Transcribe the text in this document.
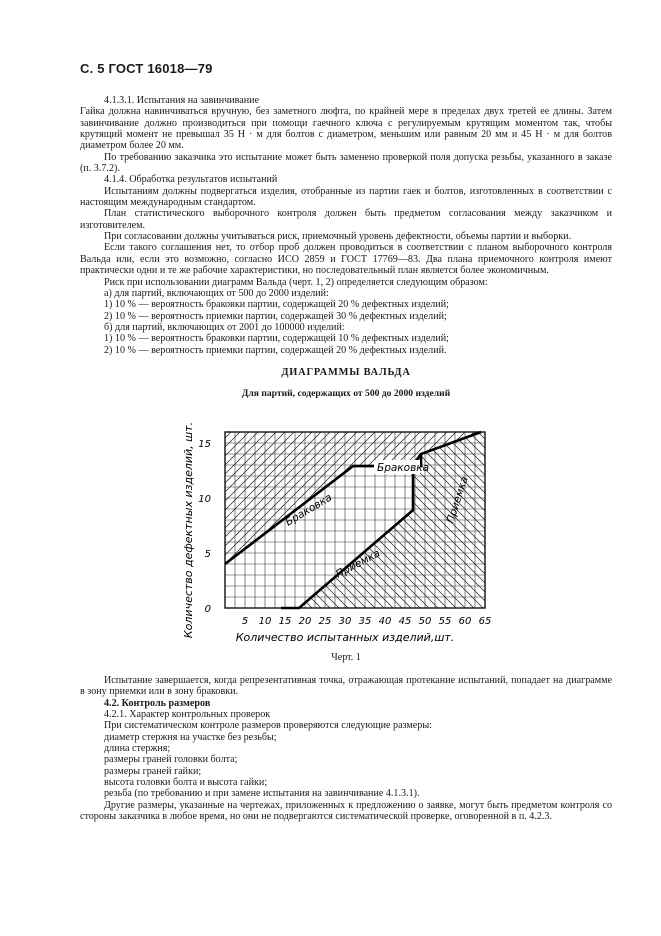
С. 5 ГОСТ 16018—79

4.1.3.1. Испытания на завинчивание

Гайка должна навинчиваться вручную, без заметного люфта, по крайней мере в пределах двух третей ее длины. Затем завинчивание должно производиться при помощи гаечного ключа с регулируемым крутящим моментом так, чтобы крутящий момент не превышал 35 Н · м для болтов с диаметром, меньшим или равным 20 мм и 45 Н · м для болтов диаметром более 20 мм.

По требованию заказчика это испытание может быть заменено проверкой поля допуска резьбы, указанного в заказе (п. 3.7.2).

4.1.4. Обработка результатов испытаний

Испытаниям должны подвергаться изделия, отобранные из партии гаек и болтов, изготовленных в соответствии с настоящим международным стандартом.

План статистического выборочного контроля должен быть предметом согласования между заказчиком и изготовителем.

При согласовании должны учитываться риск, приемочный уровень дефектности, объемы партии и выборки.

Если такого соглашения нет, то отбор проб должен проводиться в соответствии с планом выборочного контроля Вальда или, если это возможно, согласно ИСО 2859 и ГОСТ 17769—83. Два плана приемочного контроля имеют практически одни и те же рабочие характеристики, но последовательный план является более экономичным.

Риск при использовании диаграмм Вальда (черт. 1, 2) определяется следующим образом:

а) для партий, включающих от 500 до 2000 изделий:

1) 10 % — вероятность браковки партии, содержащей 20 % дефектных изделий;

2) 10 % — вероятность приемки партии, содержащей 30 % дефектных изделий;

б) для партий, включающих от 2001 до 100000 изделий:

1) 10 % — вероятность браковки партии, содержащей 10 % дефектных изделий;

2) 10 % — вероятность приемки партии, содержащей 20 % дефектных изделий.

ДИАГРАММЫ ВАЛЬДА
Для партий, содержащих от 500 до 2000 изделий
Браковка
Браковка
Приемка
Приемка
5 10 15 20 25 30 35 40 45 50 55 60 65
0
5
10
15
Количество испытанных изделий,шт.
Количество дефектных изделий, шт.
Черт. 1

Испытание завершается, когда репрезентативная точка, отражающая протекание испытаний, попадает на диаграмме в зону приемки или в зону браковки.

4.2. Контроль размеров

4.2.1. Характер контрольных проверок

При систематическом контроле размеров проверяются следующие размеры:

диаметр стержня на участке без резьбы;

длина стержня;

размеры граней головки болта;

размеры граней гайки;

высота головки болта и высота гайки;

резьба (по требованию и при замене испытания на завинчивание 4.1.3.1).

Другие размеры, указанные на чертежах, приложенных к предложению о заявке, могут быть предметом контроля со стороны заказчика в любое время, но они не подвергаются систематической проверке, оговоренной в п. 4.2.3.
